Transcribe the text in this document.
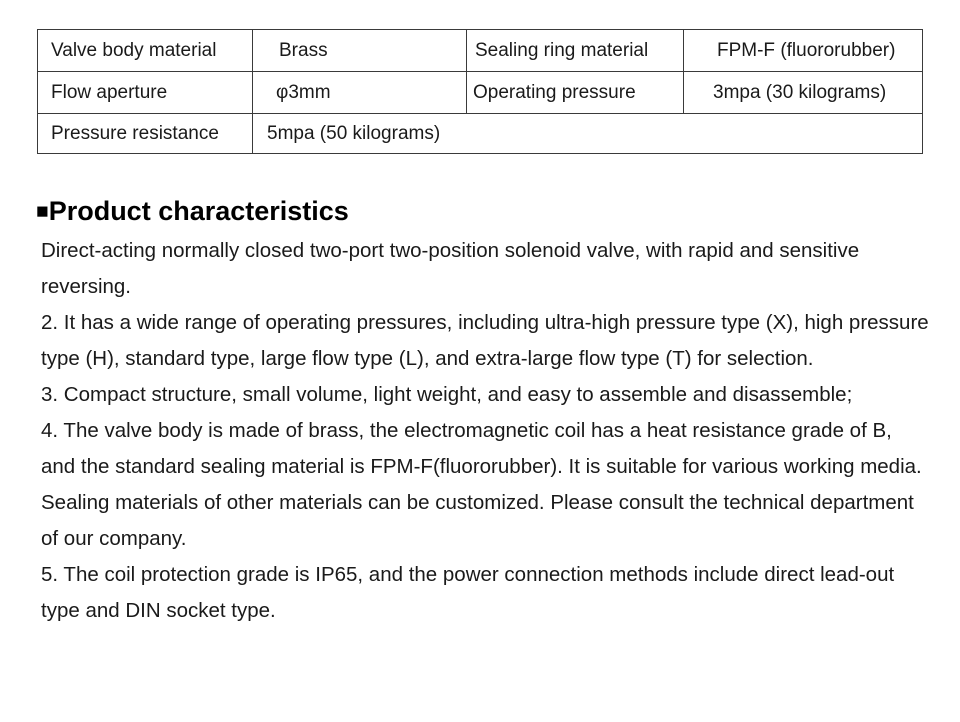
Valve body material	Brass	Sealing ring material	FPM-F (fluororubber)
Flow aperture	φ3mm	Operating pressure	3mpa (30 kilograms)
Pressure resistance	5mpa (50 kilograms)		
■Product characteristics

Direct-acting normally closed two-port two-position solenoid valve, with rapid and sensitive reversing.

2. It has a wide range of operating pressures, including ultra-high pressure type (X), high pressure type (H), standard type, large flow type (L), and extra-large flow type (T) for selection.

3. Compact structure, small volume, light weight, and easy to assemble and disassemble;

4. The valve body is made of brass, the electromagnetic coil has a heat resistance grade of B, and the standard sealing material is FPM-F(fluororubber). It is suitable for various working media. Sealing materials of other materials can be customized. Please consult the technical department of our company.

5. The coil protection grade is IP65, and the power connection methods include direct lead-out type and DIN socket type.
